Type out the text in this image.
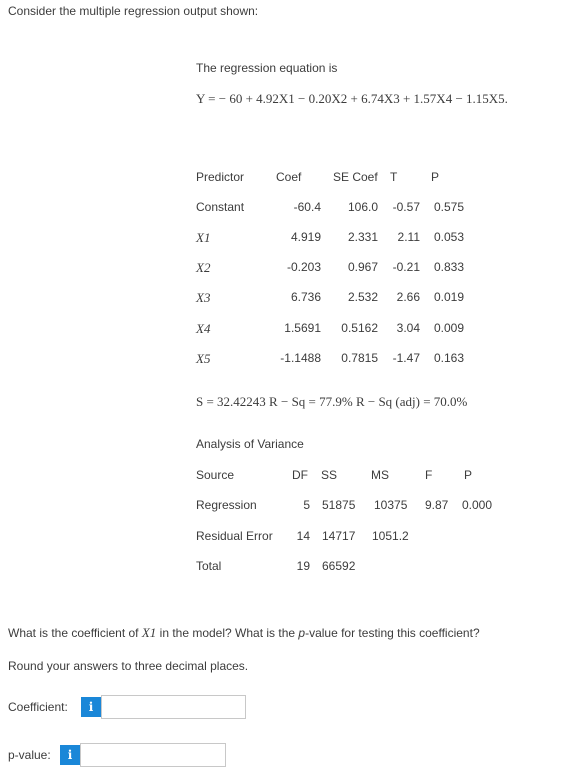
Consider the multiple regression output shown:
The regression equation is
Y = − 60 + 4.92X1 − 0.20X2 + 6.74X3 + 1.57X4 − 1.15X5.
Predictor	Coef	SE Coef T	P
Constant	-60.4 106.0 -0.57 0.575
X1	4.919 2.331 2.11 0.053
X2	-0.203 0.967 -0.21 0.833
X3	6.736 2.532 2.66 0.019
X4	1.5691 0.5162 3.04 0.009
X5	-1.1488 0.7815 -1.47 0.163
S = 32.42243 R − Sq = 77.9% R − Sq (adj) = 70.0%
Analysis of Variance
Source	DF SS	MS	F	P
Regression	5 51875 10375 9.87 0.000
Residual Error 14 14717 1051.2
Total	19 66592
What is the coefficient of X1 in the model? What is the p-value for testing this coefficient?
Round your answers to three decimal places.
Coefficient:	i
p-value:	i
